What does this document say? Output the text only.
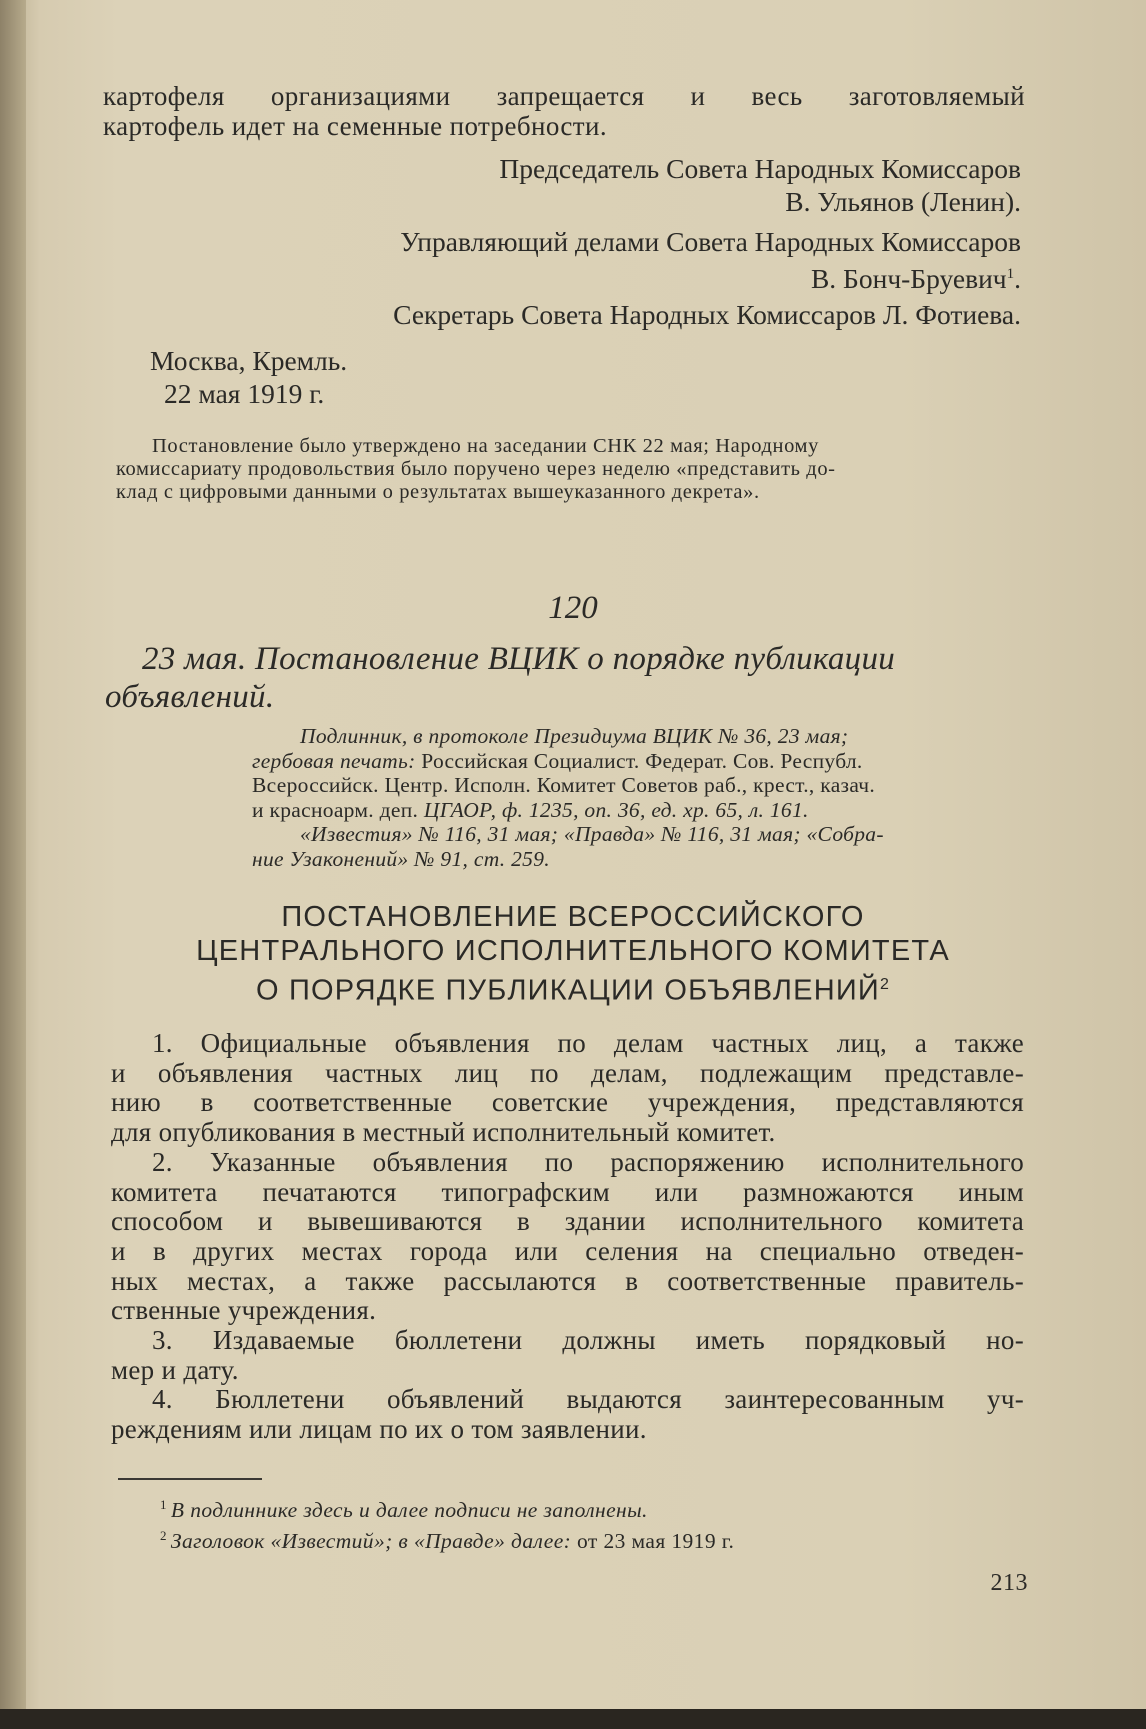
картофеля организациями запрещается и весь заготовляемый
картофель идет на семенные потребности.
Председатель Совета Народных Комиссаров
В. Ульянов (Ленин).
Управляющий делами Совета Народных Комиссаров
В. Бонч-Бруевич$^1$.
Секретарь Совета Народных Комиссаров Л. Фотиева.
Москва, Кремль.
22 мая 1919 г.
Постановление было утверждено на заседании СНК 22 мая; Народному
комиссариату продовольствия было поручено через неделю «представить до-
клад с цифровыми данными о результатах вышеуказанного декрета».
120
23 мая. Постановление ВЦИК о порядке публикации
объявлений.
Подлинник, в протоколе Президиума ВЦИК № 36, 23 мая;
гербовая печать: Российская Социалист. Федерат. Сов. Республ.
Всероссийск. Центр. Исполн. Комитет Советов раб., крест., казач.
и красноарм. деп. ЦГАОР, ф. 1235, оп. 36, ед. хр. 65, л. 161.
«Известия» № 116, 31 мая; «Правда» № 116, 31 мая; «Собра-
ние Узаконений» № 91, ст. 259.
ПОСТАНОВЛЕНИЕ ВСЕРОССИЙСКОГО
ЦЕНТРАЛЬНОГО ИСПОЛНИТЕЛЬНОГО КОМИТЕТА
О ПОРЯДКЕ ПУБЛИКАЦИИ ОБЪЯВЛЕНИЙ$^2$
1. Официальные объявления по делам частных лиц, а также
и объявления частных лиц по делам, подлежащим представле-
нию в соответственные советские учреждения, представляются
для опубликования в местный исполнительный комитет.
2. Указанные объявления по распоряжению исполнительного
комитета печатаются типографским или размножаются иным
способом и вывешиваются в здании исполнительного комитета
и в других местах города или селения на специально отведен-
ных местах, а также рассылаются в соответственные правитель-
ственные учреждения.
3. Издаваемые бюллетени должны иметь порядковый но-
мер и дату.
4. Бюллетени объявлений выдаются заинтересованным уч-
реждениям или лицам по их о том заявлении.
$^1$ В подлиннике здесь и далее подписи не заполнены.
$^2$ Заголовок «Известий»; в «Правде» далее: от 23 мая 1919 г.
213
